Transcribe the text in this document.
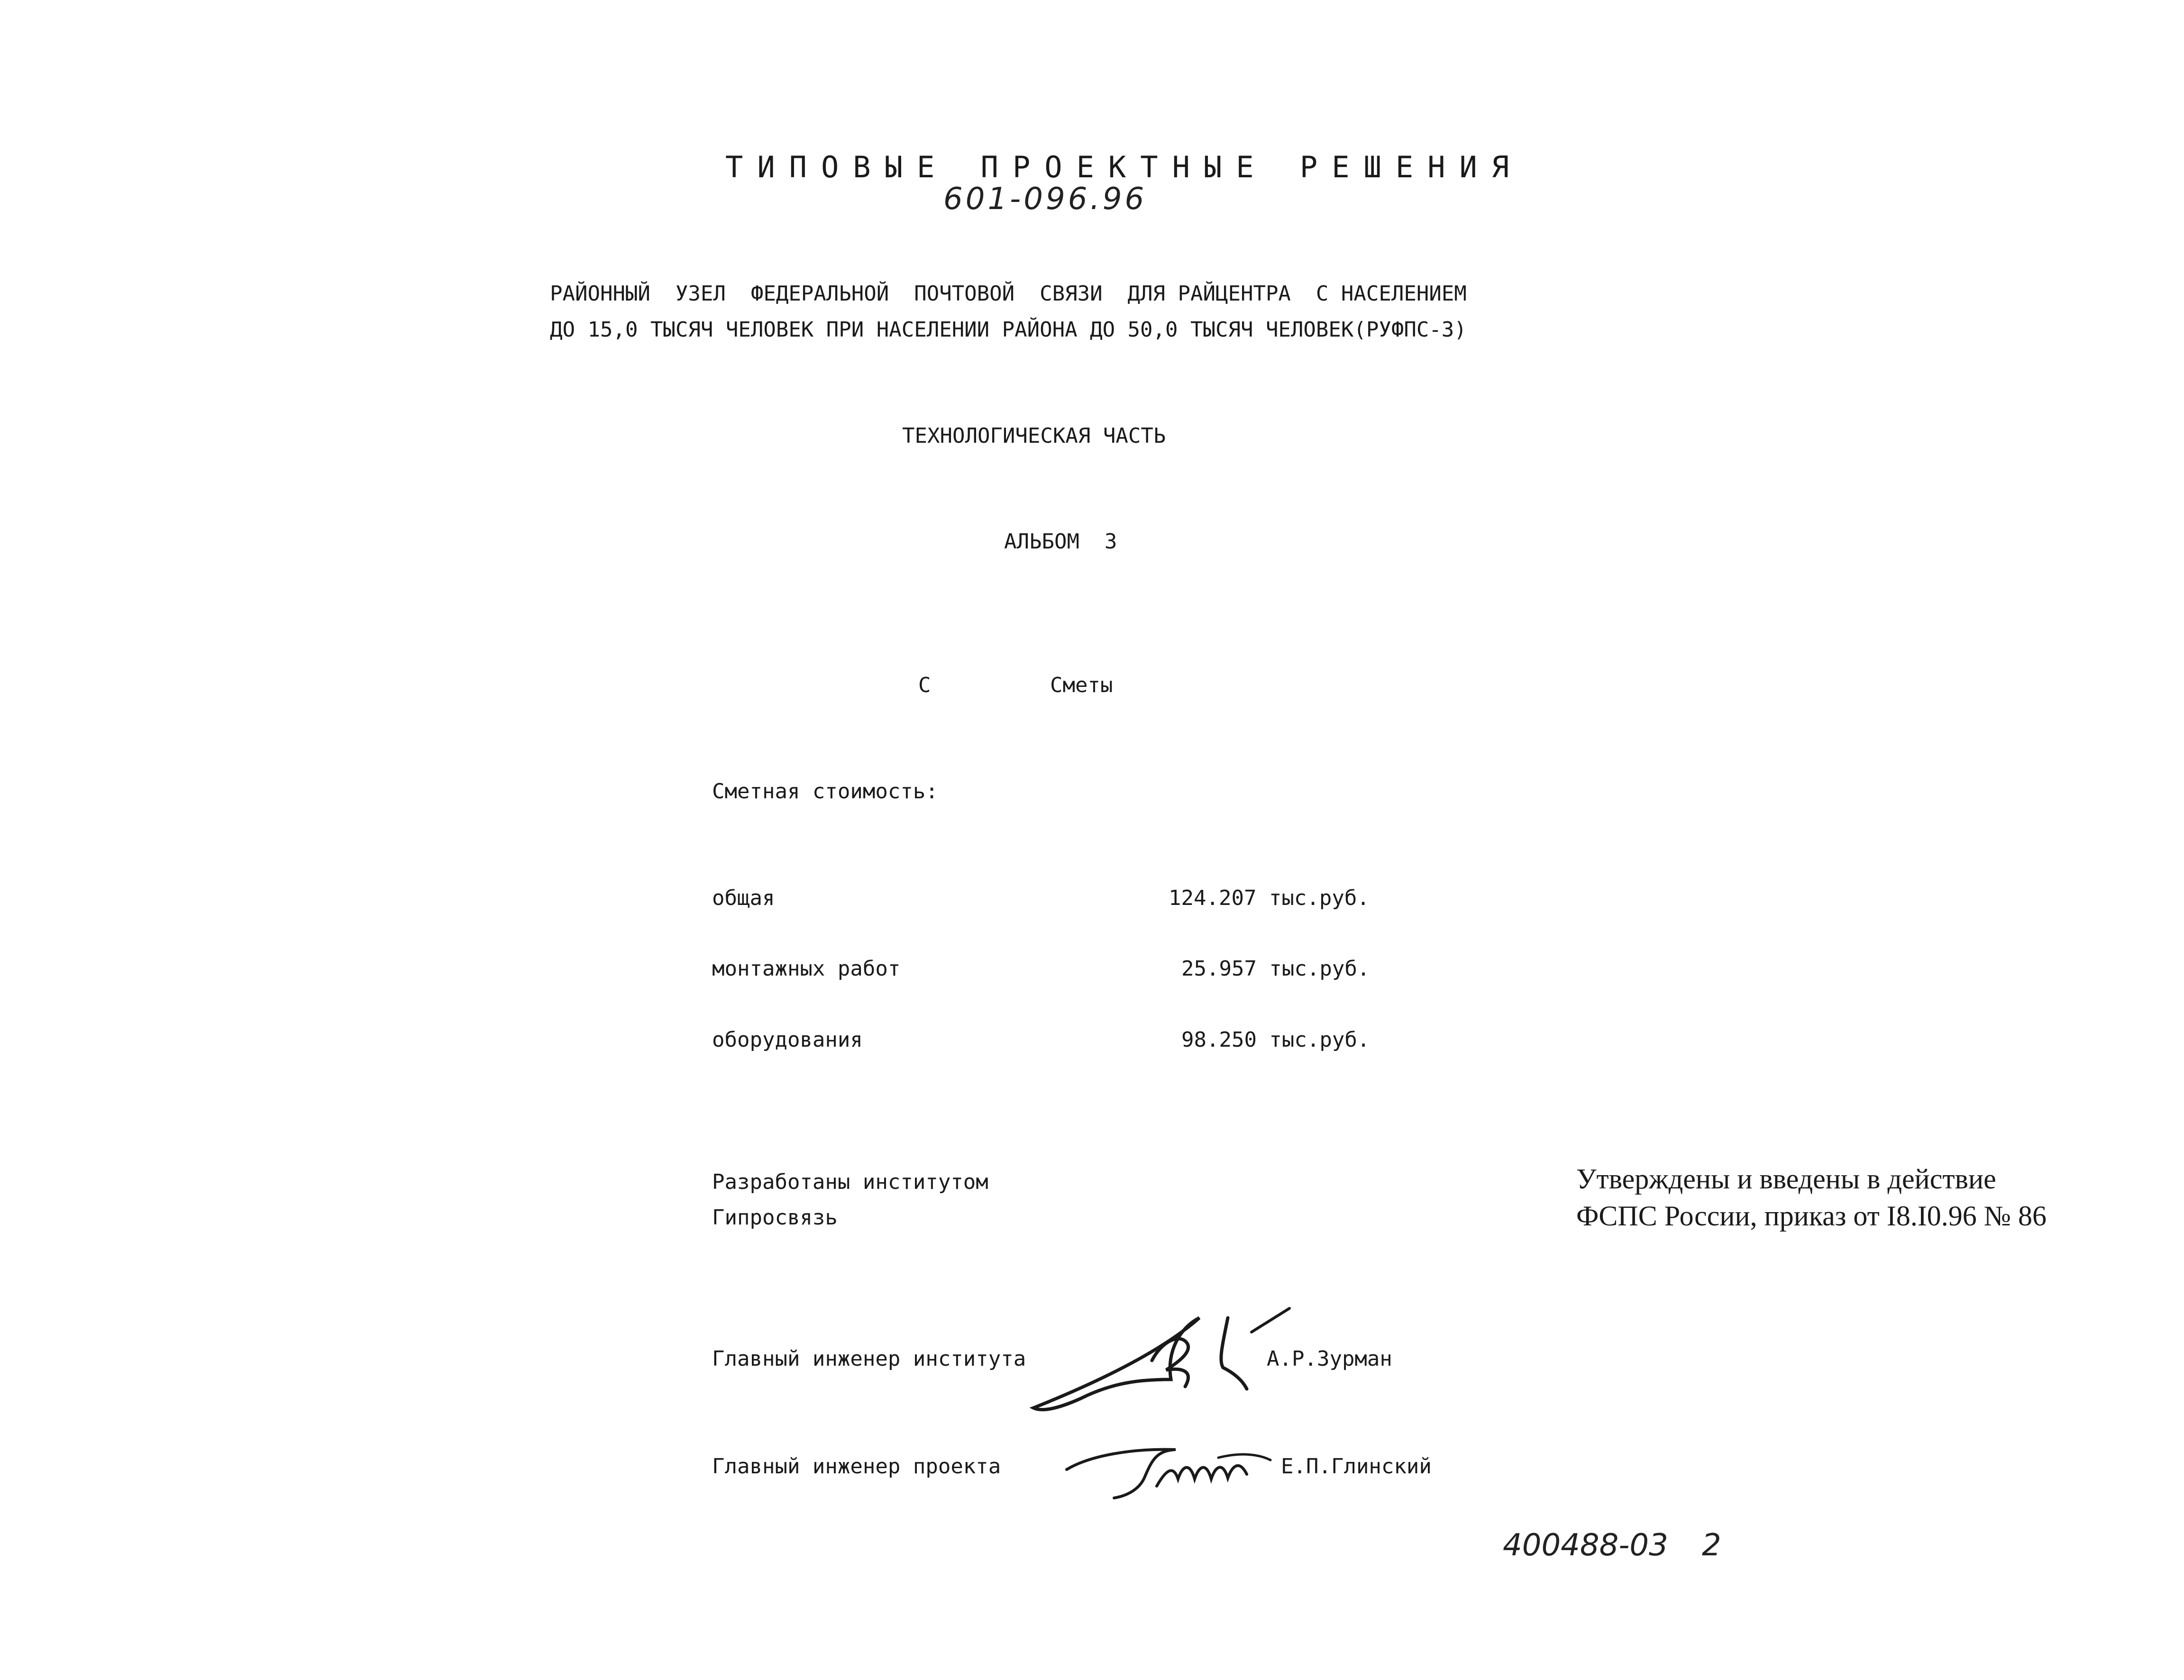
ТИПОВЫЕ ПРОЕКТНЫЕ РЕШЕНИЯ
601-096.96
РАЙОННЫЙ  УЗЕЛ  ФЕДЕРАЛЬНОЙ  ПОЧТОВОЙ  СВЯЗИ  ДЛЯ РАЙЦЕНТРА  С НАСЕЛЕНИЕМ
ДО 15,0 ТЫСЯЧ ЧЕЛОВЕК ПРИ НАСЕЛЕНИИ РАЙОНА ДО 50,0 ТЫСЯЧ ЧЕЛОВЕК(РУФПС-3)
ТЕХНОЛОГИЧЕСКАЯ ЧАСТЬ
АЛЬБОМ  3
С	Сметы
Сметная стоимость:
общая	124.207 тыс.руб.
монтажных работ	25.957 тыс.руб.
оборудования	98.250 тыс.руб.
Разработаны институтом
Гипросвязь
Утверждены и введены в действие
ФСПС России, приказ от I8.I0.96 № 86
Главный инженер института	А.Р.Зурман
Главный инженер проекта	Е.П.Глинский
400488-03 2
